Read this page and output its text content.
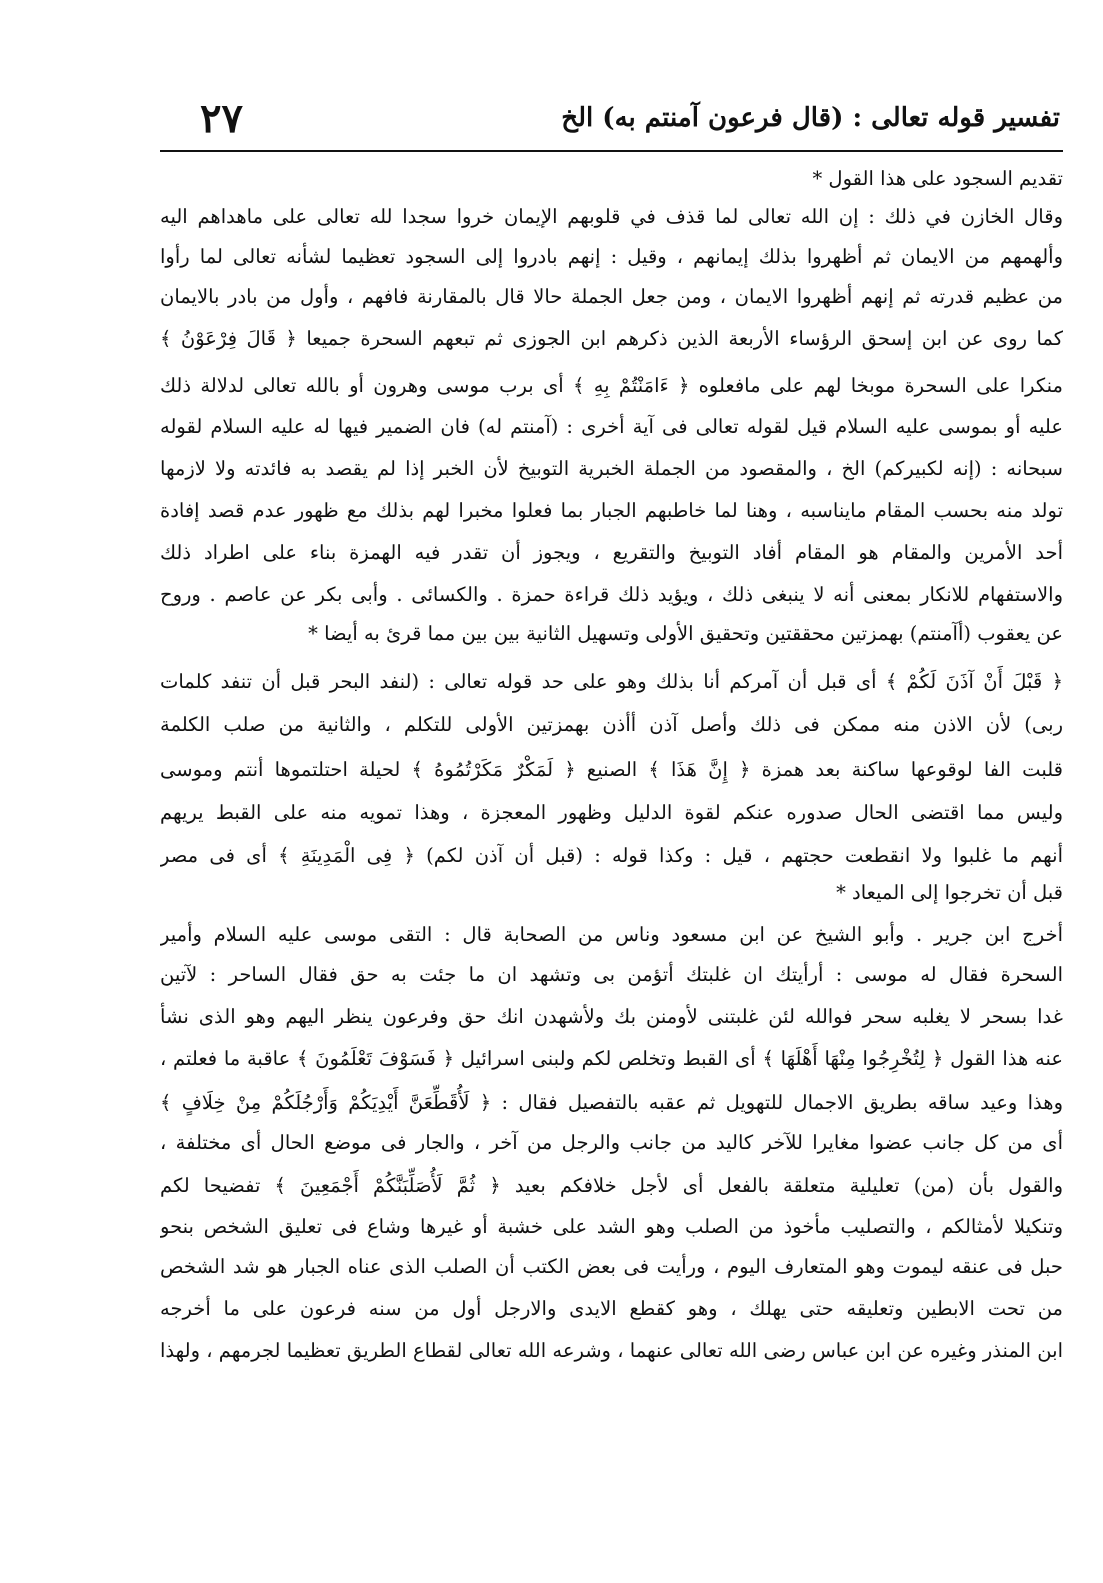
تفسير قوله تعالى : (قال فرعون آمنتم به) الخ
٢٧
تقديم السجود على هذا القول *
وقال الخازن في ذلك : إن الله تعالى لما قذف في قلوبهم الإيمان خروا سجدا لله تعالى على ماهداهم اليه
وألهمهم من الايمان ثم أظهروا بذلك إيمانهم ، وقيل : إنهم بادروا إلى السجود تعظيما لشأنه تعالى لما رأوا
من عظيم قدرته ثم إنهم أظهروا الايمان ، ومن جعل الجملة حالا قال بالمقارنة فافهم ، وأول من بادر بالايمان
كما روى عن ابن إسحق الرؤساء الأربعة الذين ذكرهم ابن الجوزى ثم تبعهم السحرة جميعا ﴿ قَالَ فِرْعَوْنُ ﴾
منكرا على السحرة موبخا لهم على مافعلوه ﴿ ءَامَنْتُمْ بِهِ ﴾ أى برب موسى وهرون أو بالله تعالى لدلالة ذلك
عليه أو بموسى عليه السلام قيل لقوله تعالى فى آية أخرى : (آمنتم له) فان الضمير فيها له عليه السلام لقوله
سبحانه : (إنه لكبيركم) الخ ، والمقصود من الجملة الخبرية التوبيخ لأن الخبر إذا لم يقصد به فائدته ولا لازمها
تولد منه بحسب المقام مايناسبه ، وهنا لما خاطبهم الجبار بما فعلوا مخبرا لهم بذلك مع ظهور عدم قصد إفادة
أحد الأمرين والمقام هو المقام أفاد التوبيخ والتقريع ، ويجوز أن تقدر فيه الهمزة بناء على اطراد ذلك
والاستفهام للانكار بمعنى أنه لا ينبغى ذلك ، ويؤيد ذلك قراءة حمزة . والكسائى . وأبى بكر عن عاصم . وروح
عن يعقوب (أآمنتم) بهمزتين محققتين وتحقيق الأولى وتسهيل الثانية بين بين مما قرئ به أيضا *
﴿ قَبْلَ أَنْ آذَنَ لَكُمْ ﴾ أى قبل أن آمركم أنا بذلك وهو على حد قوله تعالى : (لنفد البحر قبل أن تنفد كلمات
ربى) لأن الاذن منه ممكن فى ذلك وأصل آذن أأذن بهمزتين الأولى للتكلم ، والثانية من صلب الكلمة
قلبت الفا لوقوعها ساكنة بعد همزة ﴿ إِنَّ هَذَا ﴾ الصنيع ﴿ لَمَكْرٌ مَكَرْتُمُوهُ ﴾ لحيلة احتلتموها أنتم وموسى
وليس مما اقتضى الحال صدوره عنكم لقوة الدليل وظهور المعجزة ، وهذا تمويه منه على القبط يريهم
أنهم ما غلبوا ولا انقطعت حجتهم ، قيل : وكذا قوله : (قبل أن آذن لكم) ﴿ فِى الْمَدِينَةِ ﴾ أى فى مصر
قبل أن تخرجوا إلى الميعاد *
أخرج ابن جرير . وأبو الشيخ عن ابن مسعود وناس من الصحابة قال : التقى موسى عليه السلام وأمير
السحرة فقال له موسى : أرأيتك ان غلبتك أتؤمن بى وتشهد ان ما جئت به حق فقال الساحر : لآتين
غدا بسحر لا يغلبه سحر فوالله لئن غلبتنى لأومنن بك ولأشهدن انك حق وفرعون ينظر اليهم وهو الذى نشأ
عنه هذا القول ﴿ لِتُخْرِجُوا مِنْهَا أَهْلَهَا ﴾ أى القبط وتخلص لكم ولبنى اسرائيل ﴿ فَسَوْفَ تَعْلَمُونَ ﴾ عاقبة ما فعلتم ،
وهذا وعيد ساقه بطريق الاجمال للتهويل ثم عقبه بالتفصيل فقال : ﴿ لَأُقَطِّعَنَّ أَيْدِيَكُمْ وَأَرْجُلَكُمْ مِنْ خِلَافٍ ﴾
أى من كل جانب عضوا مغايرا للآخر كاليد من جانب والرجل من آخر ، والجار فى موضع الحال أى مختلفة ،
والقول بأن (من) تعليلية متعلقة بالفعل أى لأجل خلافكم بعيد ﴿ ثُمَّ لَأُصَلِّبَنَّكُمْ أَجْمَعِينَ ﴾ تفضيحا لكم
وتنكيلا لأمثالكم ، والتصليب مأخوذ من الصلب وهو الشد على خشبة أو غيرها وشاع فى تعليق الشخص بنحو
حبل فى عنقه ليموت وهو المتعارف اليوم ، ورأيت فى بعض الكتب أن الصلب الذى عناه الجبار هو شد الشخص
من تحت الابطين وتعليقه حتى يهلك ، وهو كقطع الايدى والارجل أول من سنه فرعون على ما أخرجه
ابن المنذر وغيره عن ابن عباس رضى الله تعالى عنهما ، وشرعه الله تعالى لقطاع الطريق تعظيما لجرمهم ، ولهذا
